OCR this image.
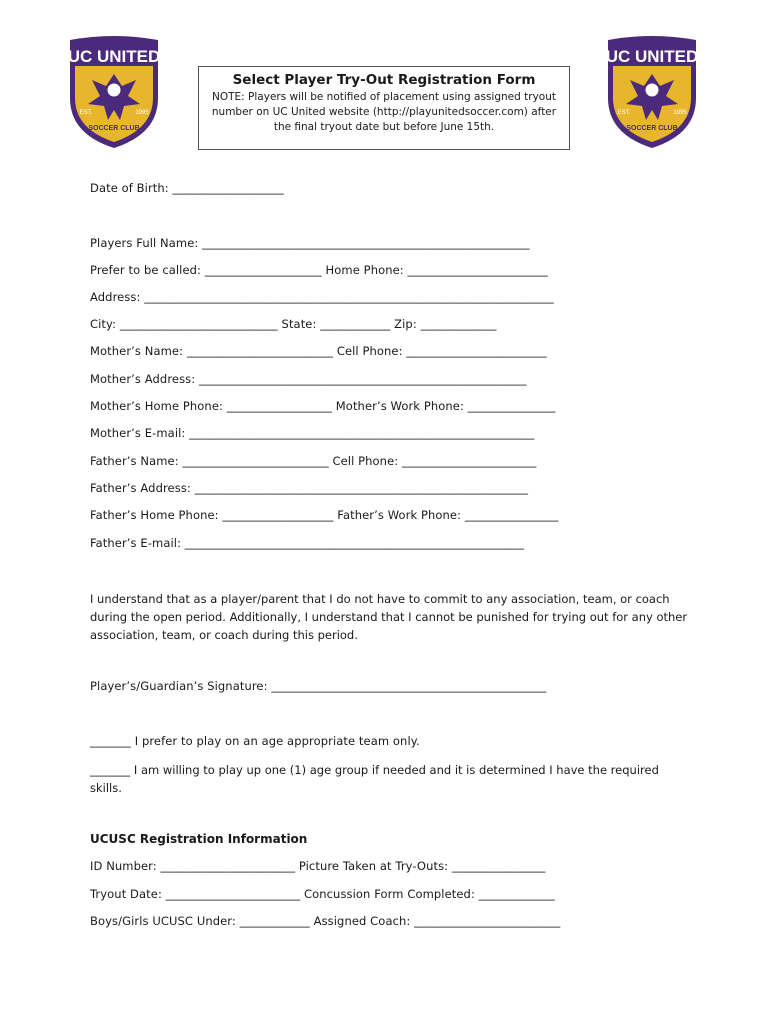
UC UNITED
EST.	1995
SOCCER CLUB
UC UNITED
EST.	1995
SOCCER CLUB
Select Player Try-Out Registration Form
NOTE: Players will be notified of placement using assigned tryout number on UC United website (http://playunitedsoccer.com) after the final tryout date but before June 15th.
Date of Birth: ___________________
Players Full Name: ________________________________________________________
Prefer to be called: ____________________ Home Phone: ________________________
Address: ______________________________________________________________________
City: ___________________________ State: ____________ Zip: _____________
Mother’s Name: _________________________ Cell Phone: ________________________
Mother’s Address: ________________________________________________________
Mother’s Home Phone: __________________ Mother’s Work Phone: _______________
Mother’s E-mail: ___________________________________________________________
Father’s Name: _________________________ Cell Phone: _______________________
Father’s Address: _________________________________________________________
Father’s Home Phone: ___________________ Father’s Work Phone: ________________
Father’s E-mail: __________________________________________________________
I understand that as a player/parent that I do not have to commit to any association, team, or coach during the open period. Additionally, I understand that I cannot be punished for trying out for any other association, team, or coach during this period.
Player’s/Guardian’s Signature: _______________________________________________
_______ I prefer to play on an age appropriate team only.
_______ I am willing to play up one (1) age group if needed and it is determined I have the required skills.
UCUSC Registration Information
ID Number: _______________________ Picture Taken at Try-Outs: ________________
Tryout Date: _______________________ Concussion Form Completed: _____________
Boys/Girls UCUSC Under: ____________ Assigned Coach: _________________________
